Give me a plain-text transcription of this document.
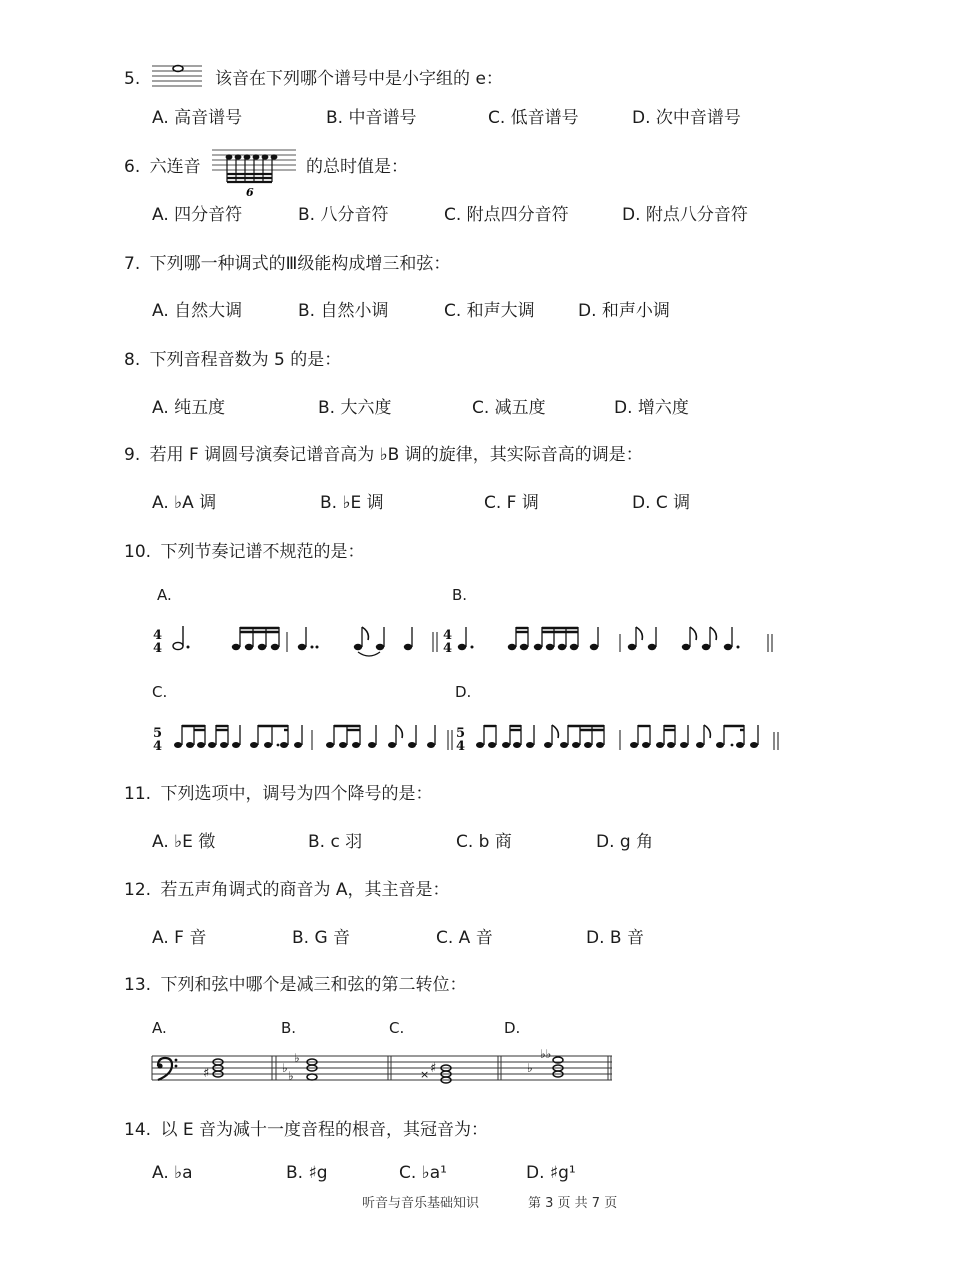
5.	该音在下列哪个谱号中是小字组的 e：
A. 高音谱号	B. 中音谱号	C. 低音谱号	D. 次中音谱号
6. 六连音
6
的总时值是：
A. 四分音符	B. 八分音符	C. 附点四分音符	D. 附点八分音符
7. 下列哪一种调式的Ⅲ级能构成增三和弦：
A. 自然大调	B. 自然小调	C. 和声大调	D. 和声小调
8. 下列音程音数为 5 的是：
A. 纯五度	B. 大六度	C. 减五度	D. 增六度
9. 若用 F 调圆号演奏记谱音高为 ♭B 调的旋律，其实际音高的调是：
A. ♭A 调	B. ♭E 调	C. F 调	D. C 调
10. 下列节奏记谱不规范的是：
A.	B.
C.	D.
4
4
4
4
5
4
5
4
11. 下列选项中，调号为四个降号的是：
A. ♭E 徵	B. c 羽	C. b 商	D. g 角
12. 若五声角调式的商音为 A，其主音是：
A. F 音	B. G 音	C. A 音	D. B 音
13. 下列和弦中哪个是减三和弦的第二转位：
A.	B.	C.	D.
♯
♭
♭
♭	× ♯	♭
♭♭
14. 以 E 音为减十一度音程的根音，其冠音为：
A. ♭a	B. ♯g	C. ♭a¹	D. ♯g¹
听音与音乐基础知识	第 3 页 共 7 页
